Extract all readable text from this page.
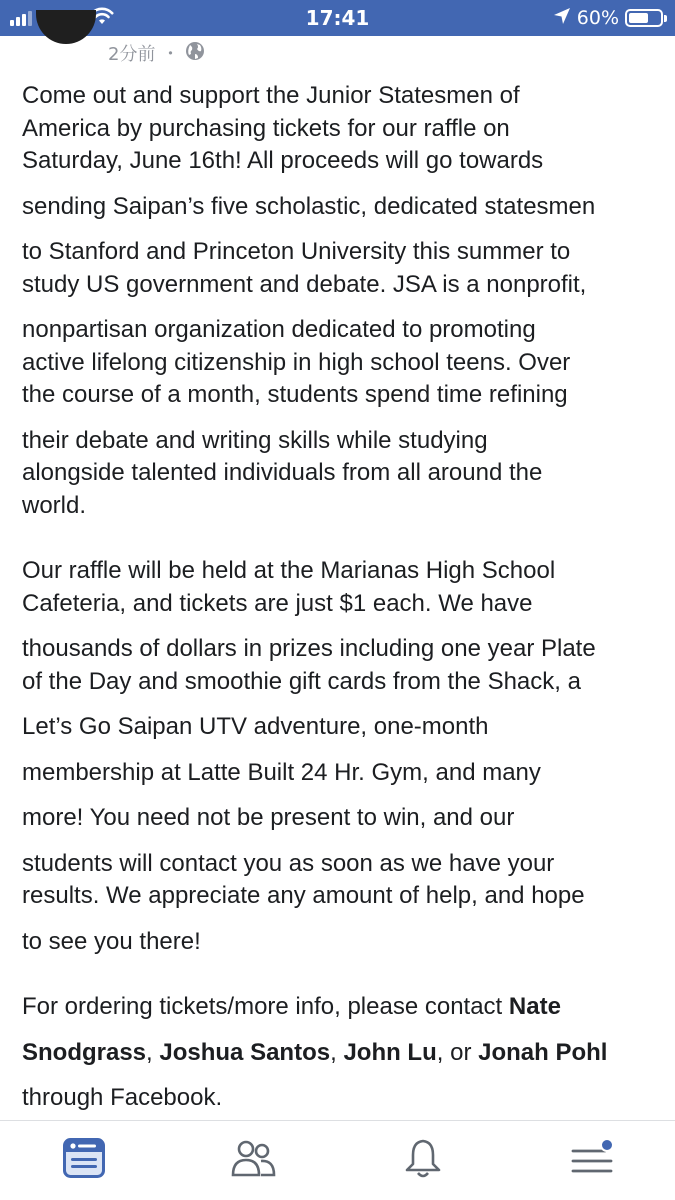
17:41	60%
2分前 ・
Come out and support the Junior Statesmen of
America by purchasing tickets for our raffle on
Saturday, June 16th! All proceeds will go towards
sending Saipan’s five scholastic, dedicated statesmen
to Stanford and Princeton University this summer to
study US government and debate. JSA is a nonprofit,
nonpartisan organization dedicated to promoting
active lifelong citizenship in high school teens. Over
the course of a month, students spend time refining
their debate and writing skills while studying
alongside talented individuals from all around the
world.
Our raffle will be held at the Marianas High School
Cafeteria, and tickets are just $1 each. We have
thousands of dollars in prizes including one year Plate
of the Day and smoothie gift cards from the Shack, a
Let’s Go Saipan UTV adventure, one-month
membership at Latte Built 24 Hr. Gym, and many
more! You need not be present to win, and our
students will contact you as soon as we have your
results. We appreciate any amount of help, and hope
to see you there!
For ordering tickets/more info, please contact Nate
Snodgrass, Joshua Santos, John Lu, or Jonah Pohl
through Facebook.
